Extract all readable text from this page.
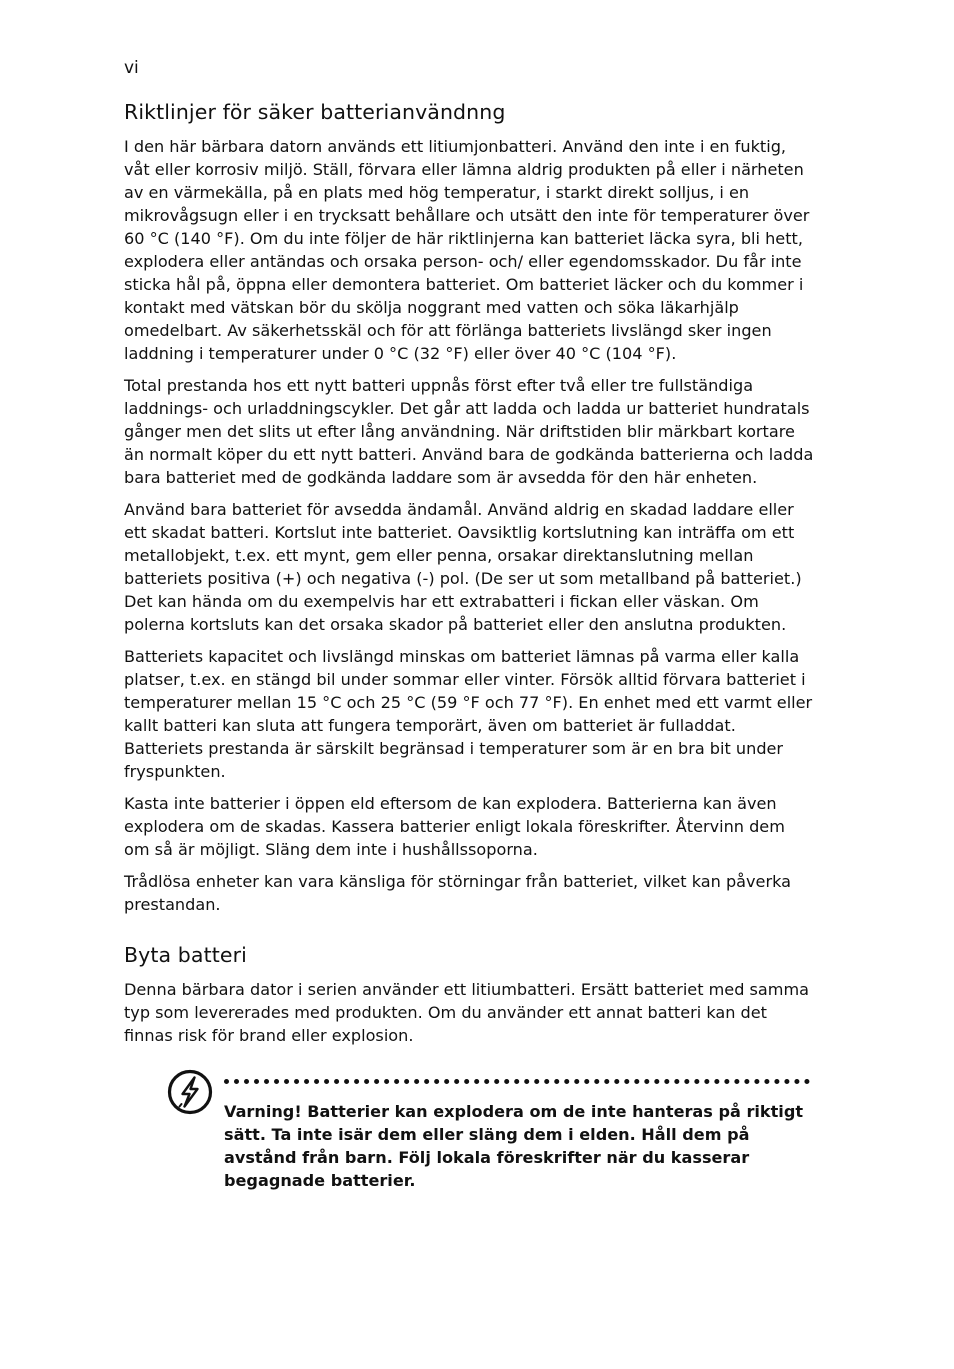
vi
Riktlinjer för säker batterianvändnng

I den här bärbara datorn används ett litiumjonbatteri. Använd den inte i en fuktig, våt eller korrosiv miljö. Ställ, förvara eller lämna aldrig produkten på eller i närheten av en värmekälla, på en plats med hög temperatur, i starkt direkt solljus, i en mikrovågsugn eller i en trycksatt behållare och utsätt den inte för temperaturer över 60 °C (140 °F). Om du inte följer de här riktlinjerna kan batteriet läcka syra, bli hett, explodera eller antändas och orsaka person- och/ eller egendomsskador. Du får inte sticka hål på, öppna eller demontera batteriet. Om batteriet läcker och du kommer i kontakt med vätskan bör du skölja noggrant med vatten och söka läkarhjälp omedelbart. Av säkerhetsskäl och för att förlänga batteriets livslängd sker ingen laddning i temperaturer under 0 °C (32 °F) eller över 40 °C (104 °F).

Total prestanda hos ett nytt batteri uppnås först efter två eller tre fullständiga laddnings- och urladdningscykler. Det går att ladda och ladda ur batteriet hundratals gånger men det slits ut efter lång användning. När driftstiden blir märkbart kortare än normalt köper du ett nytt batteri. Använd bara de godkända batterierna och ladda bara batteriet med de godkända laddare som är avsedda för den här enheten.

Använd bara batteriet för avsedda ändamål. Använd aldrig en skadad laddare eller ett skadat batteri. Kortslut inte batteriet. Oavsiktlig kortslutning kan inträffa om ett metallobjekt, t.ex. ett mynt, gem eller penna, orsakar direktanslutning mellan batteriets positiva (+) och negativa (-) pol. (De ser ut som metallband på batteriet.) Det kan hända om du exempelvis har ett extrabatteri i fickan eller väskan. Om polerna kortsluts kan det orsaka skador på batteriet eller den anslutna produkten.

Batteriets kapacitet och livslängd minskas om batteriet lämnas på varma eller kalla platser, t.ex. en stängd bil under sommar eller vinter. Försök alltid förvara batteriet i temperaturer mellan 15 °C och 25 °C (59 °F och 77 °F). En enhet med ett varmt eller kallt batteri kan sluta att fungera temporärt, även om batteriet är fulladdat. Batteriets prestanda är särskilt begränsad i temperaturer som är en bra bit under fryspunkten.

Kasta inte batterier i öppen eld eftersom de kan explodera. Batterierna kan även explodera om de skadas. Kassera batterier enligt lokala föreskrifter. Återvinn dem om så är möjligt. Släng dem inte i hushållssoporna.

Trådlösa enheter kan vara känsliga för störningar från batteriet, vilket kan påverka prestandan.

Byta batteri

Denna bärbara dator i serien använder ett litiumbatteri. Ersätt batteriet med samma typ som levererades med produkten. Om du använder ett annat batteri kan det finnas risk för brand eller explosion.

Varning! Batterier kan explodera om de inte hanteras på riktigt sätt. Ta inte isär dem eller släng dem i elden. Håll dem på avstånd från barn. Följ lokala föreskrifter när du kasserar begagnade batterier.
